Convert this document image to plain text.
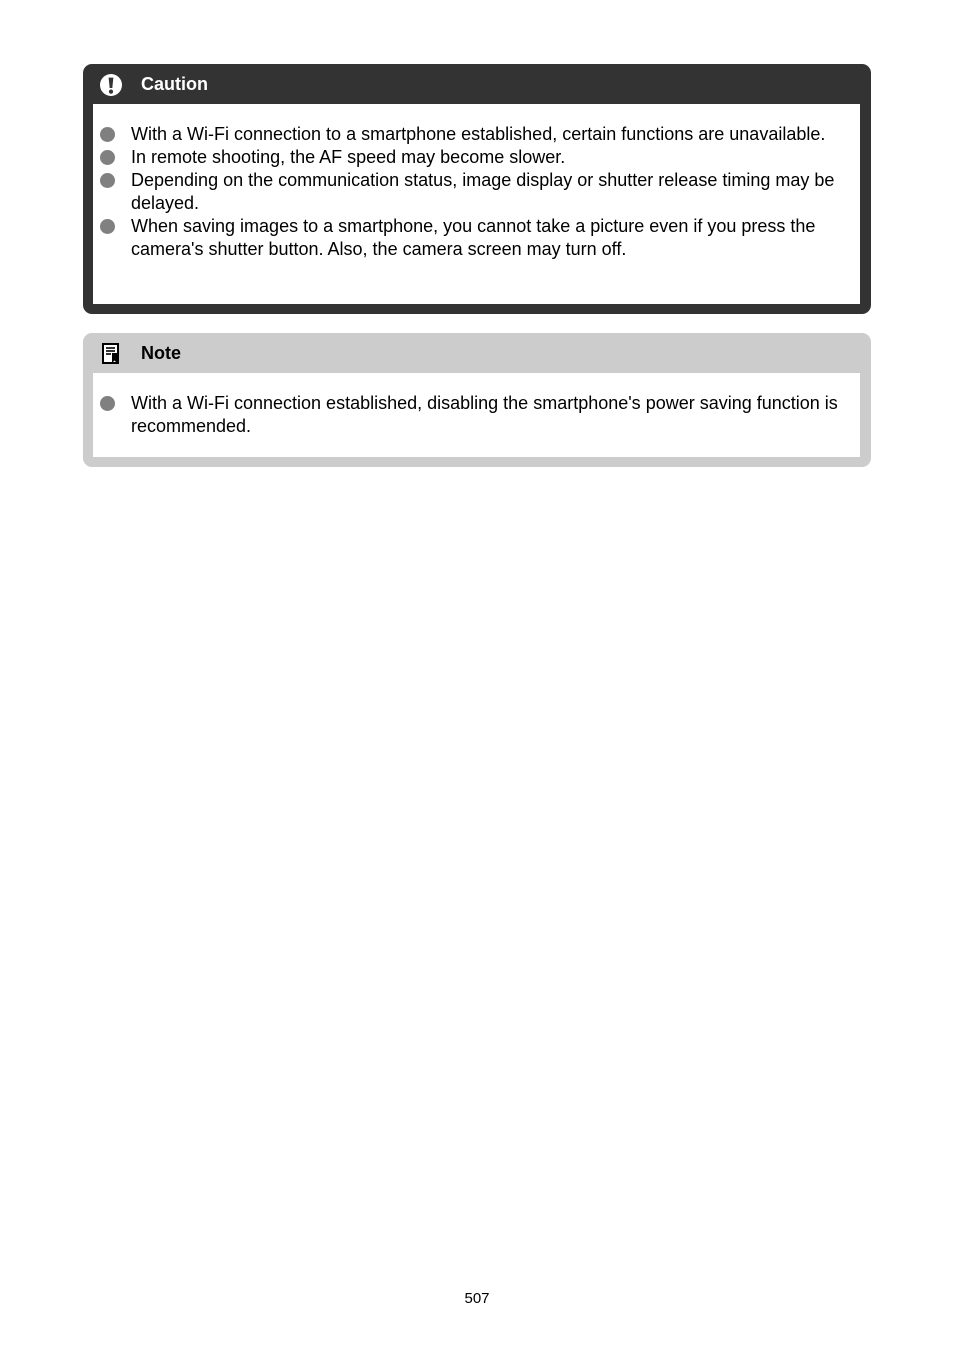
Caution
With a Wi-Fi connection to a smartphone established, certain functions are unavailable.
In remote shooting, the AF speed may become slower.
Depending on the communication status, image display or shutter release timing may be delayed.
When saving images to a smartphone, you cannot take a picture even if you press the camera's shutter button. Also, the camera screen may turn off.
Note
With a Wi-Fi connection established, disabling the smartphone's power saving function is recommended.
507
